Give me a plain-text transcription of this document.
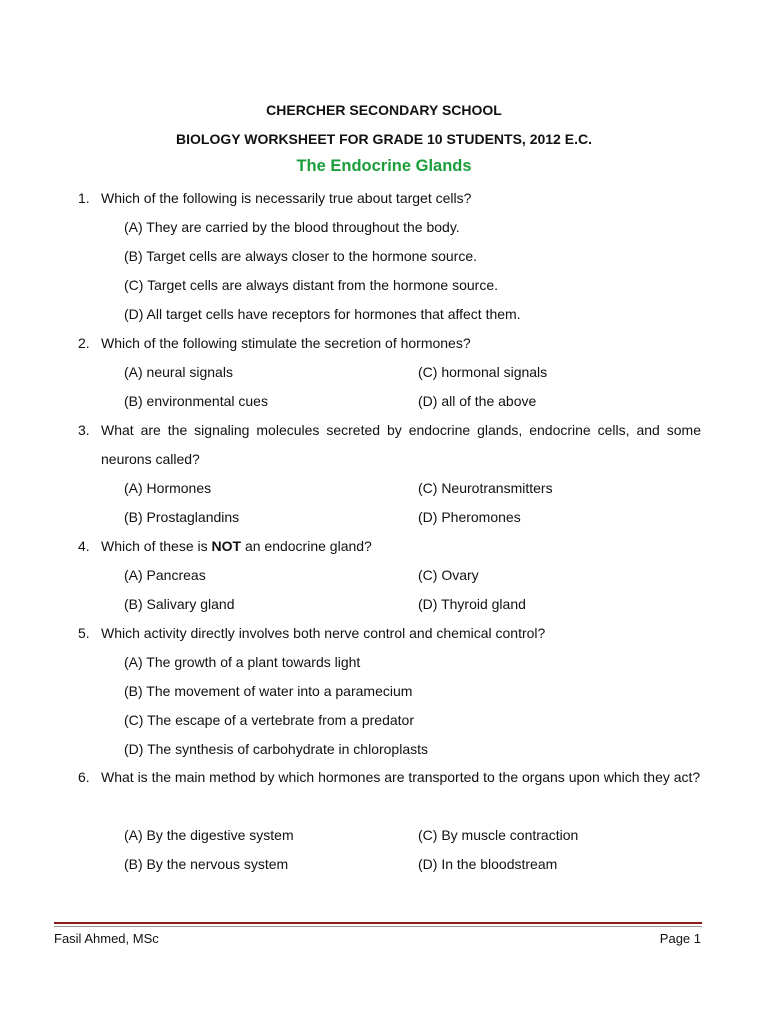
CHERCHER SECONDARY SCHOOL
BIOLOGY WORKSHEET FOR GRADE 10 STUDENTS, 2012 E.C.
The Endocrine Glands
1. Which of the following is necessarily true about target cells?
(A) They are carried by the blood throughout the body.
(B) Target cells are always closer to the hormone source.
(C) Target cells are always distant from the hormone source.
(D) All target cells have receptors for hormones that affect them.
2. Which of the following stimulate the secretion of hormones?
(A) neural signals	(C) hormonal signals
(B) environmental cues	(D) all of the above
3. What are the signaling molecules secreted by endocrine glands, endocrine cells, and some neurons called?
(A) Hormones	(C) Neurotransmitters
(B) Prostaglandins	(D) Pheromones
4. Which of these is NOT an endocrine gland?
(A) Pancreas	(C) Ovary
(B) Salivary gland	(D) Thyroid gland
5. Which activity directly involves both nerve control and chemical control?
(A) The growth of a plant towards light
(B) The movement of water into a paramecium
(C) The escape of a vertebrate from a predator
(D) The synthesis of carbohydrate in chloroplasts
6. What is the main method by which hormones are transported to the organs upon which they act?
(A) By the digestive system	(C) By muscle contraction
(B) By the nervous system	(D) In the bloodstream
Fasil Ahmed, MSc	Page 1
